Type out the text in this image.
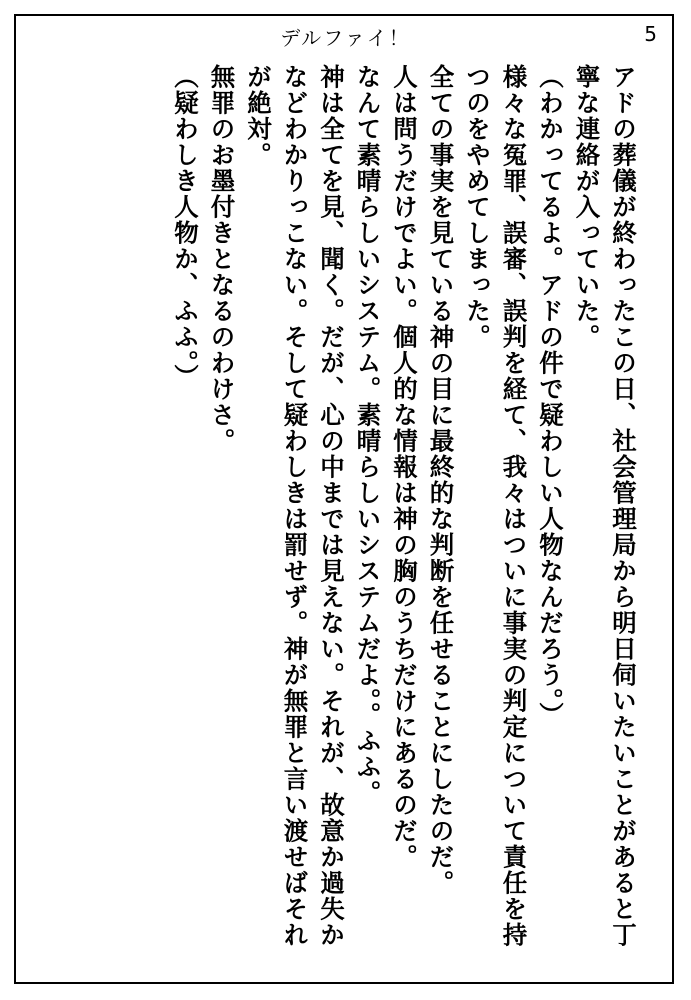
デルファイ！	5

アドの葬儀が終わったこの日、社会管理局から明日伺いたいことがあると丁寧な連絡が入っていた。

（わかってるよ。アドの件で疑わしい人物なんだろう。）

様々な冤罪、誤審、誤判を経て、我々はついに事実の判定について責任を持つのをやめてしまった。

全ての事実を見ている神の目に最終的な判断を任せることにしたのだ。

人は問うだけでよい。個人的な情報は神の胸のうちだけにあるのだ。

なんて素晴らしいシステム。素晴らしいシステムだよ。。ふふ。

神は全てを見、聞く。だが、心の中までは見えない。それが、故意か過失かなどわかりっこない。そして疑わしきは罰せず。神が無罪と言い渡せばそれが絶対。

無罪のお墨付きとなるのわけさ。

（疑わしき人物か、ふふ。）
